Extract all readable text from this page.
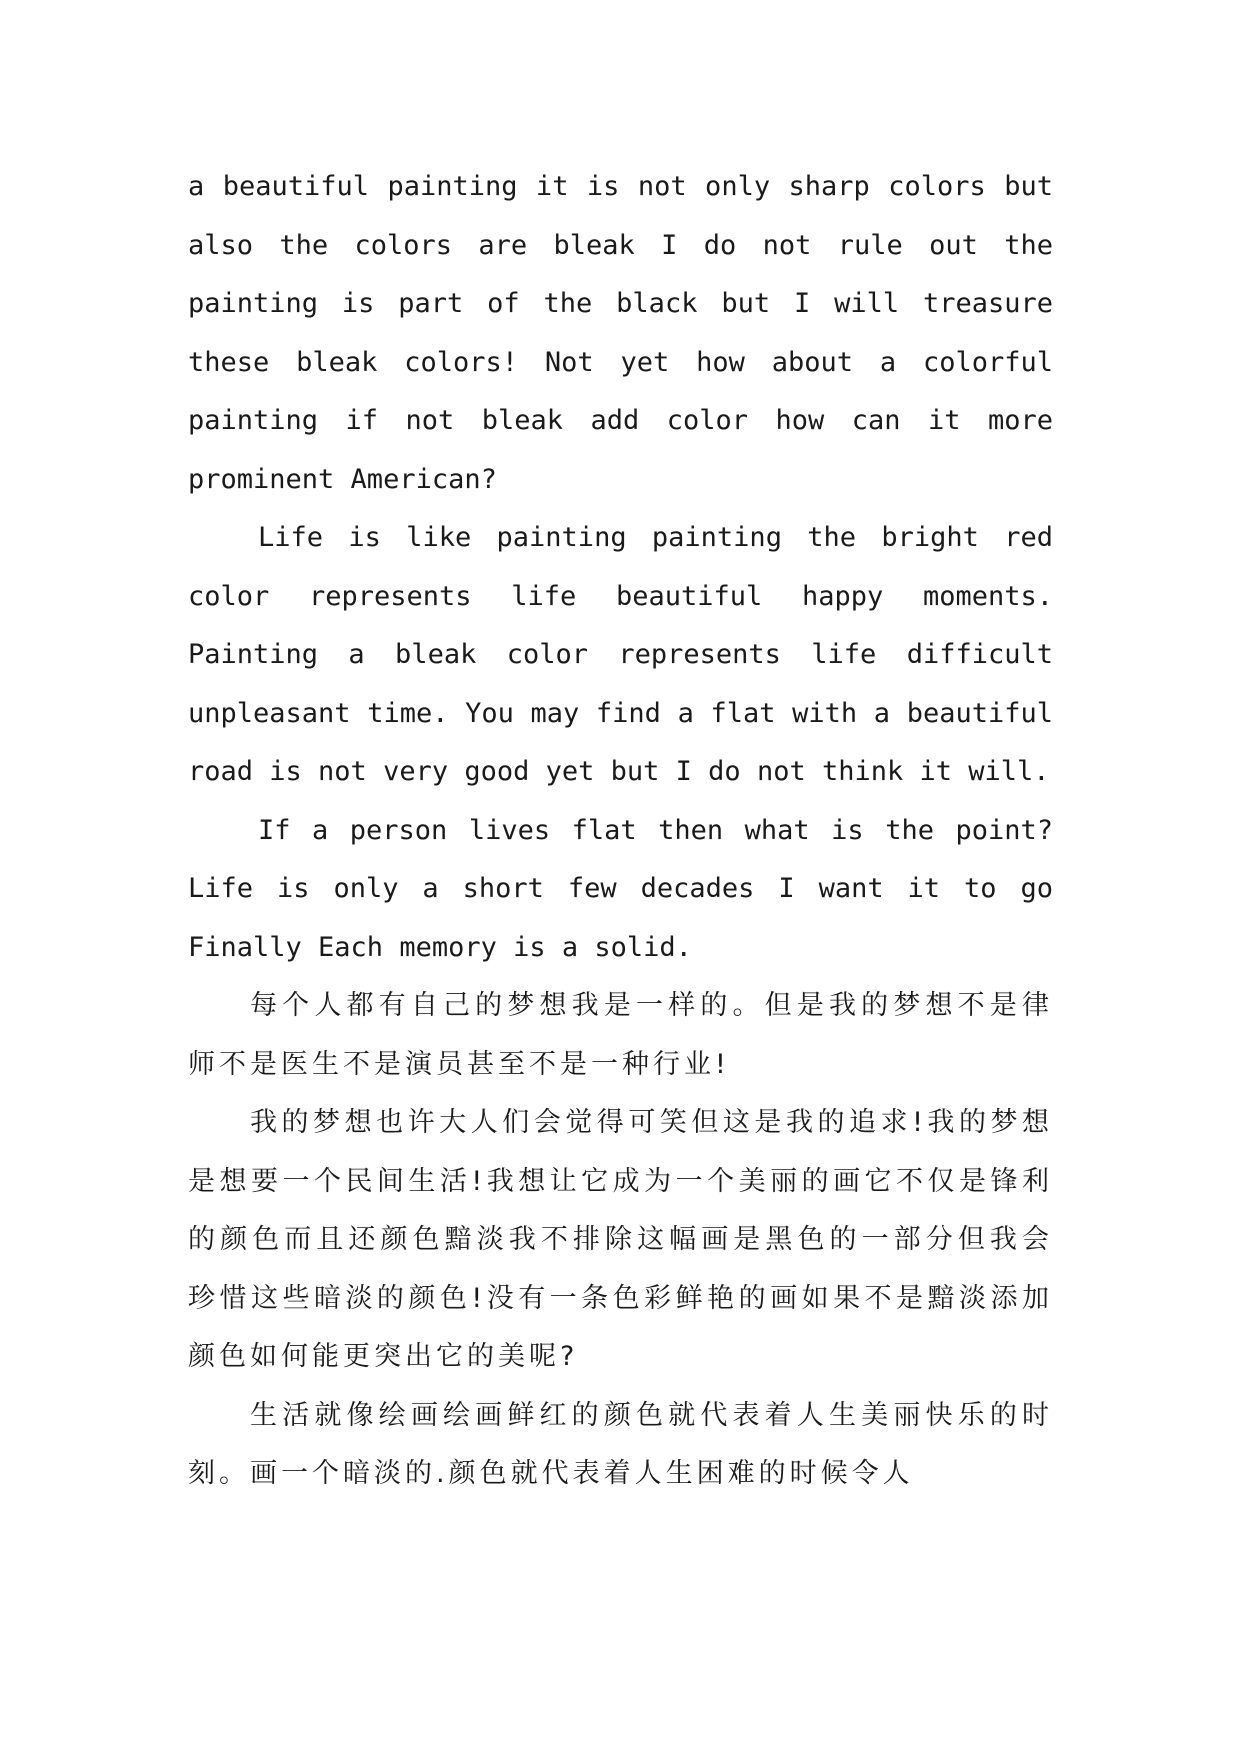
a beautiful painting it is not only sharp colors but also the colors are bleak I do not rule out the painting is part of the black but I will treasure these bleak colors! Not yet how about a colorful painting if not bleak add color how can it more prominent American?

Life is like painting painting the bright red color represents life beautiful happy moments. Painting a bleak color represents life difficult unpleasant time. You may find a flat with a beautiful road is not very good yet but I do not think it will.

If a person lives flat then what is the point? Life is only a short few decades I want it to go Finally Each memory is a solid.

每个人都有自己的梦想我是一样的。但是我的梦想不是律师不是医生不是演员甚至不是一种行业!

我的梦想也许大人们会觉得可笑但这是我的追求!我的梦想是想要一个民间生活!我想让它成为一个美丽的画它不仅是锋利的颜色而且还颜色黯淡我不排除这幅画是黑色的一部分但我会珍惜这些暗淡的颜色!没有一条色彩鲜艳的画如果不是黯淡添加颜色如何能更突出它的美呢?

生活就像绘画绘画鲜红的颜色就代表着人生美丽快乐的时刻。画一个暗淡的.颜色就代表着人生困难的时候令人
